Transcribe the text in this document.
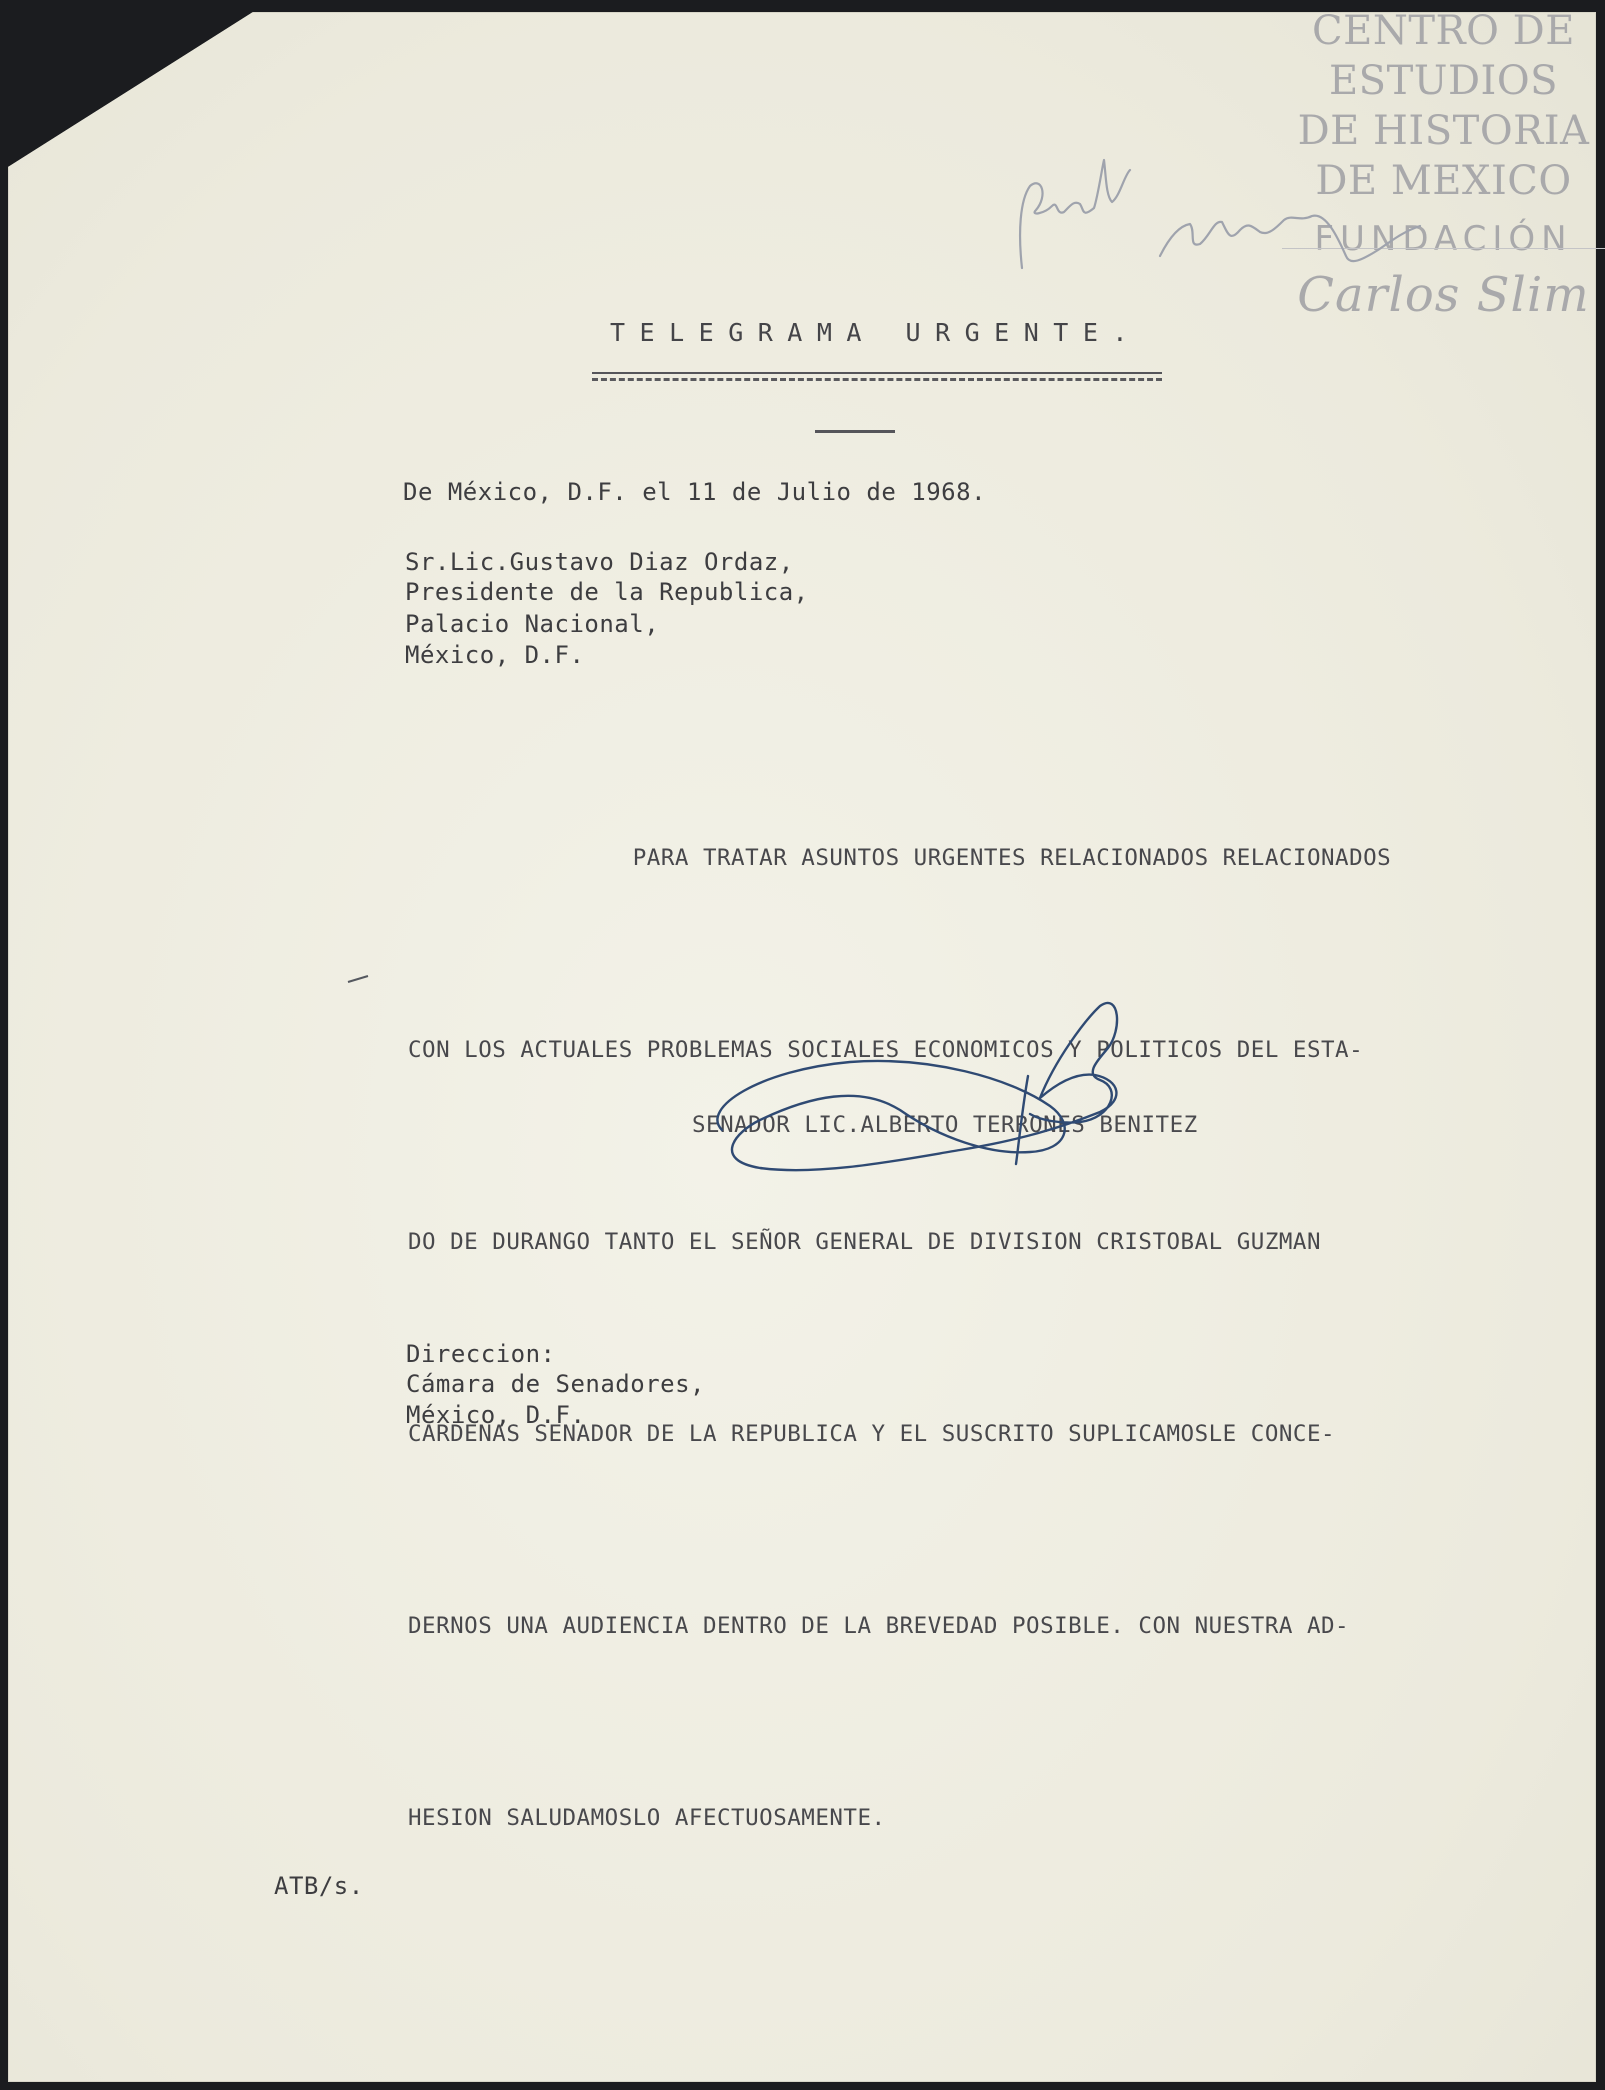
CENTRO DE
ESTUDIOS
DE HISTORIA
DE MEXICO
FUNDACIÓN
Carlos Slim

TELEGRAMA URGENTE.

De México, D.F. el 11 de Julio de 1968.

Sr.Lic.Gustavo Diaz Ordaz,

Presidente de la Republica,

Palacio Nacional,

México, D.F.

PARA TRATAR ASUNTOS URGENTES RELACIONADOS RELACIONADOS

CON LOS ACTUALES PROBLEMAS SOCIALES ECONOMICOS Y POLITICOS DEL ESTA-

DO DE DURANGO TANTO EL SEÑOR GENERAL DE DIVISION CRISTOBAL GUZMAN

CARDENAS SENADOR DE LA REPUBLICA Y EL SUSCRITO SUPLICAMOSLE CONCE-

DERNOS UNA AUDIENCIA DENTRO DE LA BREVEDAD POSIBLE. CON NUESTRA AD-

HESION SALUDAMOSLO AFECTUOSAMENTE.

SENADOR LIC.ALBERTO TERRONES BENITEZ

Direccion:

Cámara de Senadores,

México, D.F.

ATB/s.
